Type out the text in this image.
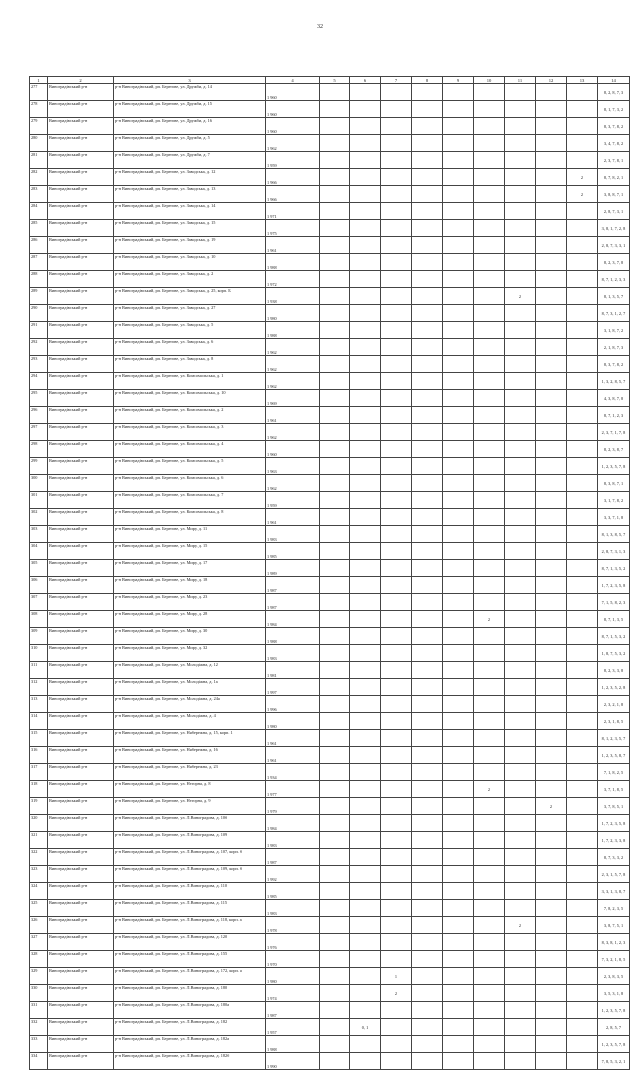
32
1	2	3	4	5	6	7	8	9	10	11	12	13	14
277	Виноградівський р-н	р-н Виноградівський, рп. Берегове, ул. Дружби, д. 14	1 960										8, 2, 8, 7, 3
278	Виноградівський р-н	р-н Виноградівський, рп. Берегове, ул. Дружби, д. 15	1 960										8, 1, 7, 3, 2
279	Виноградівський р-н	р-н Виноградівський, рп. Берегове, ул. Дружби, д. 16	1 960										8, 3, 7, 8, 2
280	Виноградівський р-н	р-н Виноградівський, рп. Берегове, ул. Дружби, д. 5	1 962										3, 4, 7, 8, 2
281	Виноградівський р-н	р-н Виноградівський, рп. Берегове, ул. Дружби, д. 7	1 959										2, 3, 7, 8, 1
282	Виноградівський р-н	р-н Виноградівський, рп. Берегове, ул. Заводська, д. 12	1 966									2	8, 7, 8, 2, 1
283	Виноградівський р-н	р-н Виноградівський, рп. Берегове, ул. Заводська, д. 13	1 966									2	3, 8, 8, 7, 1
284	Виноградівський р-н	р-н Виноградівський, рп. Берегове, ул. Заводська, д. 14	1 971										2, 8, 7, 3, 1
285	Виноградівський р-н	р-н Виноградівський, рп. Берегове, ул. Заводська, д. 15	1 975										3, 8, 1, 7, 2, 8
286	Виноградівський р-н	р-н Виноградівський, рп. Берегове, ул. Заводська, д. 19	1 961										2, 8, 7, 3, 3, 1
287	Виноградівський р-н	р-н Виноградівський, рп. Берегове, ул. Заводська, д. 10	1 988										8, 2, 3, 7, 8
288	Виноградівський р-н	р-н Виноградівський, рп. Берегове, ул. Заводська, д. 2	1 972										8, 7, 1, 2, 3, 3
289	Виноградівський р-н	р-н Виноградівський, рп. Берегове, ул. Заводська, д. 25, корп. Б	1 938							2			8, 1, 3, 5, 7
290	Виноградівський р-н	р-н Виноградівський, рп. Берегове, ул. Заводська, д. 27	1 980										8, 7, 3, 1, 2, 7
291	Виноградівський р-н	р-н Виноградівський, рп. Берегове, ул. Заводська, д. 5	1 988										3, 1, 8, 7, 2
292	Виноградівський р-н	р-н Виноградівський, рп. Берегове, ул. Заводська, д. 6	1 962										2, 1, 8, 7, 3
293	Виноградівський р-н	р-н Виноградівський, рп. Берегове, ул. Заводська, д. 8	1 962										8, 3, 7, 8, 2
294	Виноградівський р-н	р-н Виноградівський, рп. Берегове, ул. Комсомольська, д. 1	1 962										1, 3, 2, 8, 5, 7
295	Виноградівський р-н	р-н Виноградівський, рп. Берегове, ул. Комсомольська, д. 10	1 969										4, 3, 8, 7, 8
296	Виноградівський р-н	р-н Виноградівський, рп. Берегове, ул. Комсомольська, д. 2	1 961										8, 7, 1, 2, 3
297	Виноградівський р-н	р-н Виноградівський, рп. Берегове, ул. Комсомольська, д. 3	1 962										2, 3, 7, 1, 7, 8
298	Виноградівський р-н	р-н Виноградівський, рп. Берегове, ул. Комсомольська, д. 4	1 960										8, 2, 3, 8, 7
299	Виноградівський р-н	р-н Виноградівський, рп. Берегове, ул. Комсомольська, д. 5	1 963										1, 2, 3, 5, 7, 8
300	Виноградівський р-н	р-н Виноградівський, рп. Берегове, ул. Комсомольська, д. 6	1 962										8, 3, 8, 7, 1
301	Виноградівський р-н	р-н Виноградівський, рп. Берегове, ул. Комсомольська, д. 7	1 959										3, 1, 7, 8, 2
302	Виноградівський р-н	р-н Виноградівський, рп. Берегове, ул. Комсомольська, д. 8	1 961										3, 3, 7, 1, 8
303	Виноградівський р-н	р-н Виноградівський, рп. Берегове, ул. Миру, д. 11	1 983										8, 1, 3, 8, 5, 7
304	Виноградівський р-н	р-н Виноградівський, рп. Берегове, ул. Миру, д. 15	1 985										2, 8, 7, 3, 1, 3
305	Виноградівський р-н	р-н Виноградівський, рп. Берегове, ул. Миру, д. 17	1 989										8, 7, 1, 3, 5, 2
306	Виноградівський р-н	р-н Виноградівський, рп. Берегове, ул. Миру, д. 18	1 987										1, 7, 2, 3, 5, 8
307	Виноградівський р-н	р-н Виноградівський, рп. Берегове, ул. Миру, д. 23	1 987										7, 1, 5, 8, 2, 3
308	Виноградівський р-н	р-н Виноградівський, рп. Берегове, ул. Миру, д. 28	1 984						2				8, 7, 1, 3, 5
309	Виноградівський р-н	р-н Виноградівський, рп. Берегове, ул. Миру, д. 30	1 988										8, 7, 1, 5, 3, 2
310	Виноградівський р-н	р-н Виноградівський, рп. Берегове, ул. Миру, д. 32	1 983										1, 8, 7, 5, 3, 2
311	Виноградівський р-н	р-н Виноградівський, рп. Берегове, ул. Молодіжна, д. 12	1 981										8, 2, 3, 3, 8
312	Виноградівський р-н	р-н Виноградівський, рп. Берегове, ул. Молодіжна, д. 1а	1 997										1, 2, 3, 5, 2, 8
313	Виноградівський р-н	р-н Виноградівський, рп. Берегове, ул. Молодіжна, д. 24а	1 996										2, 3, 2, 1, 8
314	Виноградівський р-н	р-н Виноградівський, рп. Берегове, ул. Молодіжна, д. 4	1 980										2, 3, 1, 8, 5
315	Виноградівський р-н	р-н Виноградівський, рп. Берегове, ул. Нябережна, д. 15, корп. 1	1 961										8, 1, 2, 3, 5, 7
316	Виноградівський р-н	р-н Виноградівський, рп. Берегове, ул. Нябережна, д. 16	1 961										1, 2, 3, 5, 8, 7
317	Виноградівський р-н	р-н Виноградівський, рп. Берегове, ул. Нябережна, д. 23	1 934										7, 1, 8, 2, 5
318	Виноградівський р-н	р-н Виноградівський, рп. Берегове, ул. Нєторна, д. 8	1 977						2				3, 7, 1, 8, 5
319	Виноградівський р-н	р-н Виноградівський, рп. Берегове, ул. Нєторна, д. 9	1 979								2		3, 7, 8, 5, 1
320	Виноградівський р-н	р-н Виноградівський, рп. Берегове, ул. Л.Виноградова, д. 10б	1 984										1, 7, 2, 3, 5, 8
321	Виноградівський р-н	р-н Виноградівський, рп. Берегове, ул. Л.Виноградова, д. 109	1 983										1, 7, 2, 3, 3, 8
322	Виноградівський р-н	р-н Виноградівський, рп. Берегове, ул. Л.Виноградова, д. 107, корп. б	1 987										8, 7, 3, 3, 2
323	Виноградівський р-н	р-н Виноградівський, рп. Берегове, ул. Л.Виноградова, д. 109, корп. б	1 992										2, 3, 1, 5, 7, 8
324	Виноградівський р-н	р-н Виноградівський, рп. Берегове, ул. Л.Виноградова, д. 110	1 985										3, 3, 1, 3, 8, 7
325	Виноградівський р-н	р-н Виноградівський, рп. Берегове, ул. Л.Виноградова, д. 115	1 983										7, 8, 2, 3, 5
326	Виноградівський р-н	р-н Виноградівський, рп. Берегове, ул. Л.Виноградова, д. 118, корп. а	1 978							2			3, 8, 7, 5, 1
327	Виноградівський р-н	р-н Виноградівський, рп. Берегове, ул. Л.Виноградова, д. 120	1 976										8, 3, 8, 1, 2, 3
328	Виноградівський р-н	р-н Виноградівський, рп. Берегове, ул. Л.Виноградова, д. 155	1 970										7, 3, 2, 1, 8, 5
329	Виноградівський р-н	р-н Виноградівський, рп. Берегове, ул. Л.Виноградова, д. 172, корп. а	1 980			1							2, 3, 8, 3, 5
330	Виноградівський р-н	р-н Виноградівський, рп. Берегове, ул. Л.Виноградова, д. 180	1 974			2							3, 5, 3, 1, 8
331	Виноградівський р-н	р-н Виноградівський, рп. Берегове, ул. Л.Виноградова, д. 180а	1 987										1, 2, 3, 5, 7, 8
332	Виноградівський р-н	р-н Виноградівський, рп. Берегове, ул. Л.Виноградова, д. 182	1 957		0, 1								2, 8, 5, 7
333	Виноградівський р-н	р-н Виноградівський, рп. Берегове, ул. Л.Виноградова, д. 182а	1 988										1, 2, 3, 5, 7, 8
334	Виноградівський р-н	р-н Виноградівський, рп. Берегове, ул. Л.Виноградова, д. 182б	1 990										7, 8, 5, 3, 2, 1
